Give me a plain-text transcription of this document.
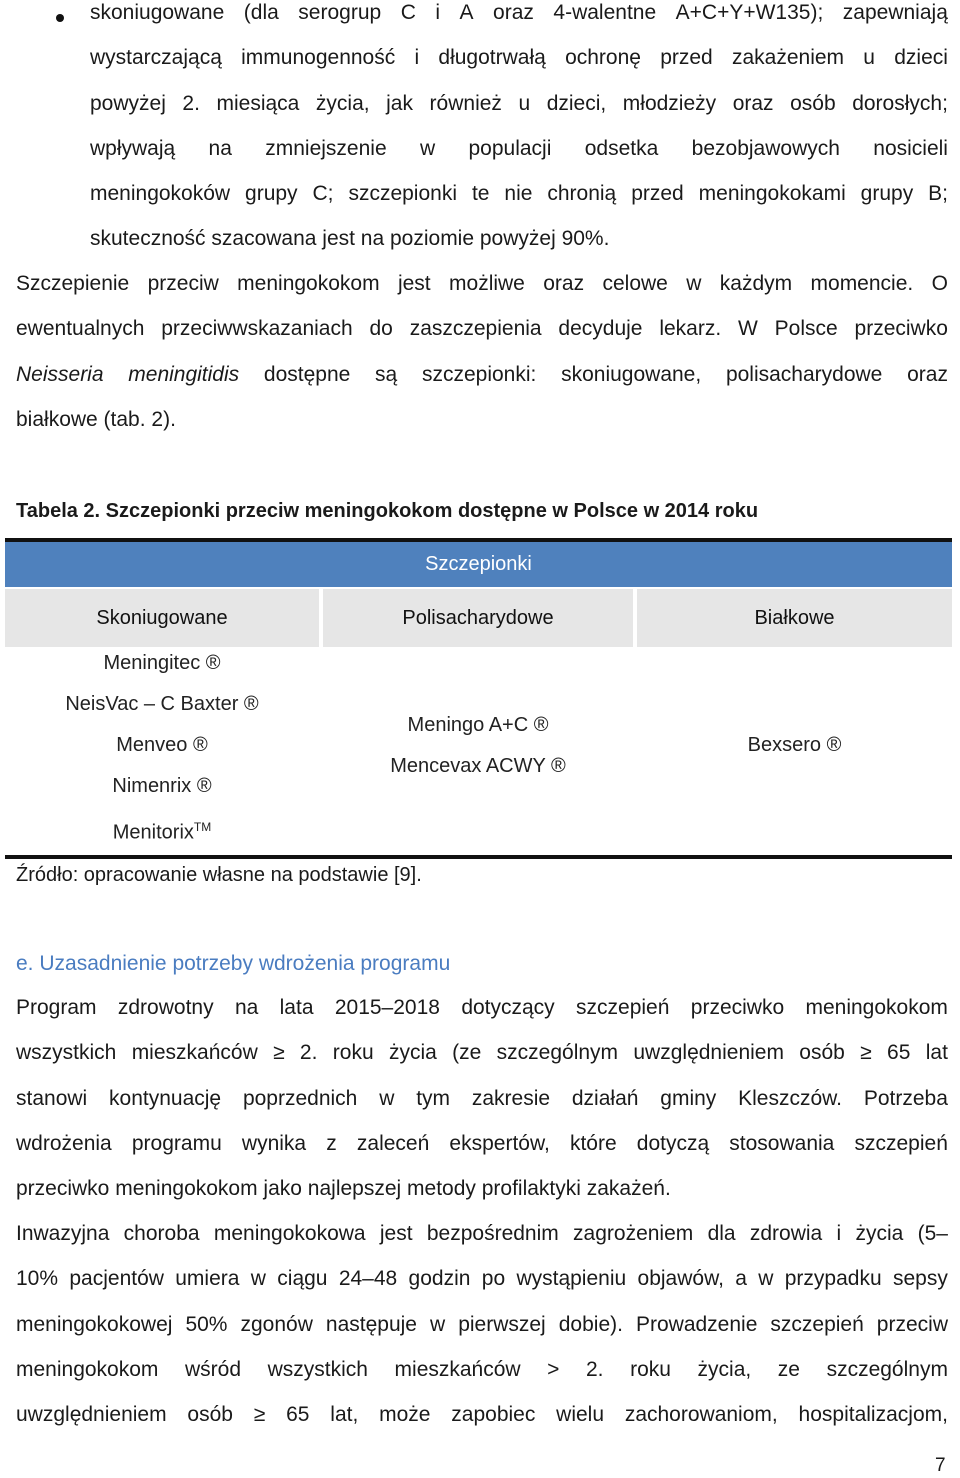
skoniugowane (dla serogrup C i A oraz 4-walentne A+C+Y+W135); zapewniają
wystarczającą immunogenność i długotrwałą ochronę przed zakażeniem u dzieci
powyżej 2. miesiąca życia, jak również u dzieci, młodzieży oraz osób dorosłych;
wpływają na zmniejszenie w populacji odsetka bezobjawowych nosicieli
meningokoków grupy C; szczepionki te nie chronią przed meningokokami grupy B;
skuteczność szacowana jest na poziomie powyżej 90%.
Szczepienie przeciw meningokokom jest możliwe oraz celowe w każdym momencie. O
ewentualnych przeciwwskazaniach do zaszczepienia decyduje lekarz. W Polsce przeciwko
Neisseria meningitidis dostępne są szczepionki: skoniugowane, polisacharydowe oraz
białkowe (tab. 2).
Tabela 2. Szczepionki przeciw meningokokom dostępne w Polsce w 2014 roku
Szczepionki
Skoniugowane	Polisacharydowe	Białkowe
Meningitec ®
NeisVac – C Baxter ®
Menveo ®
Nimenrix ®
Menitorix™
Meningo A+C ®
Mencevax ACWY ®
Bexsero ®
Źródło: opracowanie własne na podstawie [9].
e. Uzasadnienie potrzeby wdrożenia programu
Program zdrowotny na lata 2015–2018 dotyczący szczepień przeciwko meningokokom
wszystkich mieszkańców ≥ 2. roku życia (ze szczególnym uwzględnieniem osób ≥ 65 lat
stanowi kontynuację poprzednich w tym zakresie działań gminy Kleszczów. Potrzeba
wdrożenia programu wynika z zaleceń ekspertów, które dotyczą stosowania szczepień
przeciwko meningokokom jako najlepszej metody profilaktyki zakażeń.
Inwazyjna choroba meningokokowa jest bezpośrednim zagrożeniem dla zdrowia i życia (5–
10% pacjentów umiera w ciągu 24–48 godzin po wystąpieniu objawów, a w przypadku sepsy
meningokokowej 50% zgonów następuje w pierwszej dobie). Prowadzenie szczepień przeciw
meningokokom wśród wszystkich mieszkańców > 2. roku życia, ze szczególnym
uwzględnieniem osób ≥ 65 lat, może zapobiec wielu zachorowaniom, hospitalizacjom,
7
